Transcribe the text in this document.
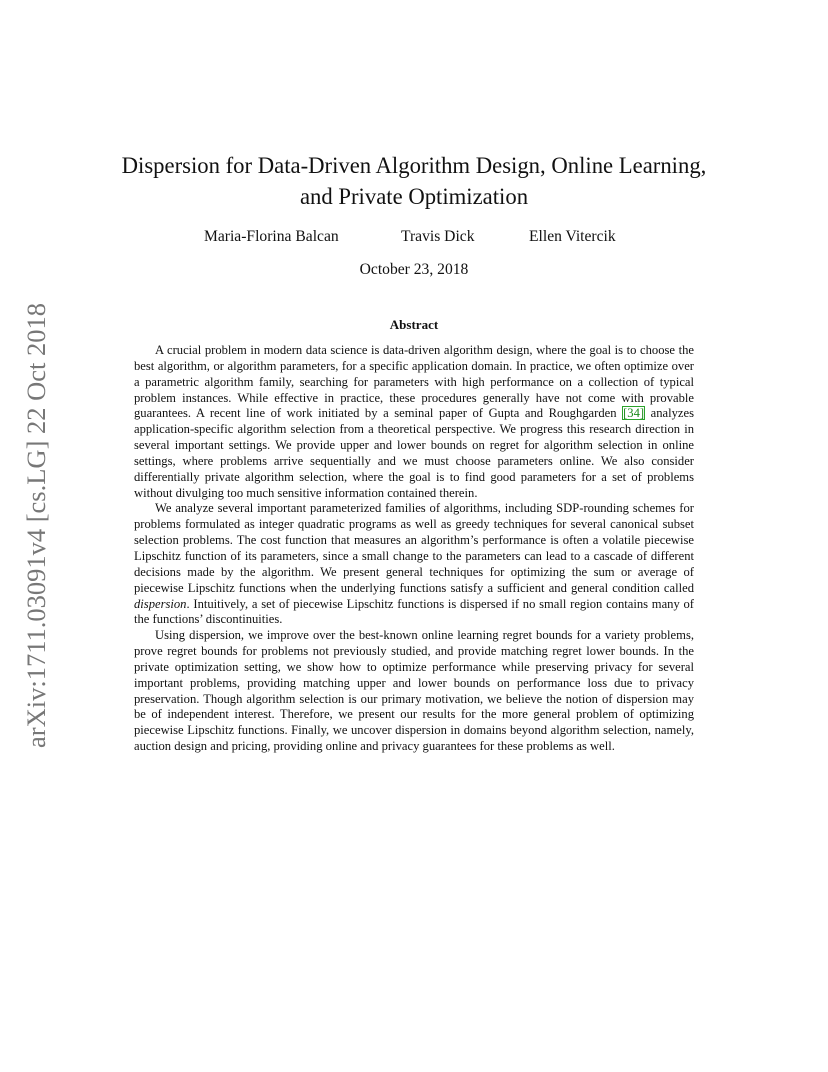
arXiv:1711.03091v4 [cs.LG] 22 Oct 2018
Dispersion for Data-Driven Algorithm Design, Online Learning,
and Private Optimization
Maria-Florina Balcan	Travis Dick	Ellen Vitercik
October 23, 2018
Abstract

A crucial problem in modern data science is data-driven algorithm design, where the goal is to choose the best algorithm, or algorithm parameters, for a specific application domain. In practice, we often optimize over a parametric algorithm family, searching for parameters with high performance on a collection of typical problem instances. While effective in practice, these procedures generally have not come with provable guarantees. A recent line of work initiated by a seminal paper of Gupta and Roughgarden [34] analyzes application-specific algorithm selection from a theoretical perspective. We progress this research direction in several important settings. We provide upper and lower bounds on regret for algorithm selection in online settings, where problems arrive sequentially and we must choose parameters online. We also consider differentially private algorithm selection, where the goal is to find good parameters for a set of problems without divulging too much sensitive information contained therein.

We analyze several important parameterized families of algorithms, including SDP-rounding schemes for problems formulated as integer quadratic programs as well as greedy techniques for several canonical subset selection problems. The cost function that measures an algorithm’s performance is often a volatile piecewise Lipschitz function of its parameters, since a small change to the parameters can lead to a cascade of different decisions made by the algorithm. We present general techniques for optimizing the sum or average of piecewise Lipschitz functions when the underlying functions satisfy a sufficient and general condition called dispersion. Intuitively, a set of piecewise Lipschitz functions is dispersed if no small region contains many of the functions’ discontinuities.

Using dispersion, we improve over the best-known online learning regret bounds for a variety problems, prove regret bounds for problems not previously studied, and provide matching regret lower bounds. In the private optimization setting, we show how to optimize performance while preserving privacy for several important problems, providing matching upper and lower bounds on performance loss due to privacy preservation. Though algorithm selection is our primary motivation, we believe the notion of dispersion may be of independent interest. Therefore, we present our results for the more general problem of optimizing piecewise Lipschitz functions. Finally, we uncover dispersion in domains beyond algorithm selection, namely, auction design and pricing, providing online and privacy guarantees for these problems as well.
